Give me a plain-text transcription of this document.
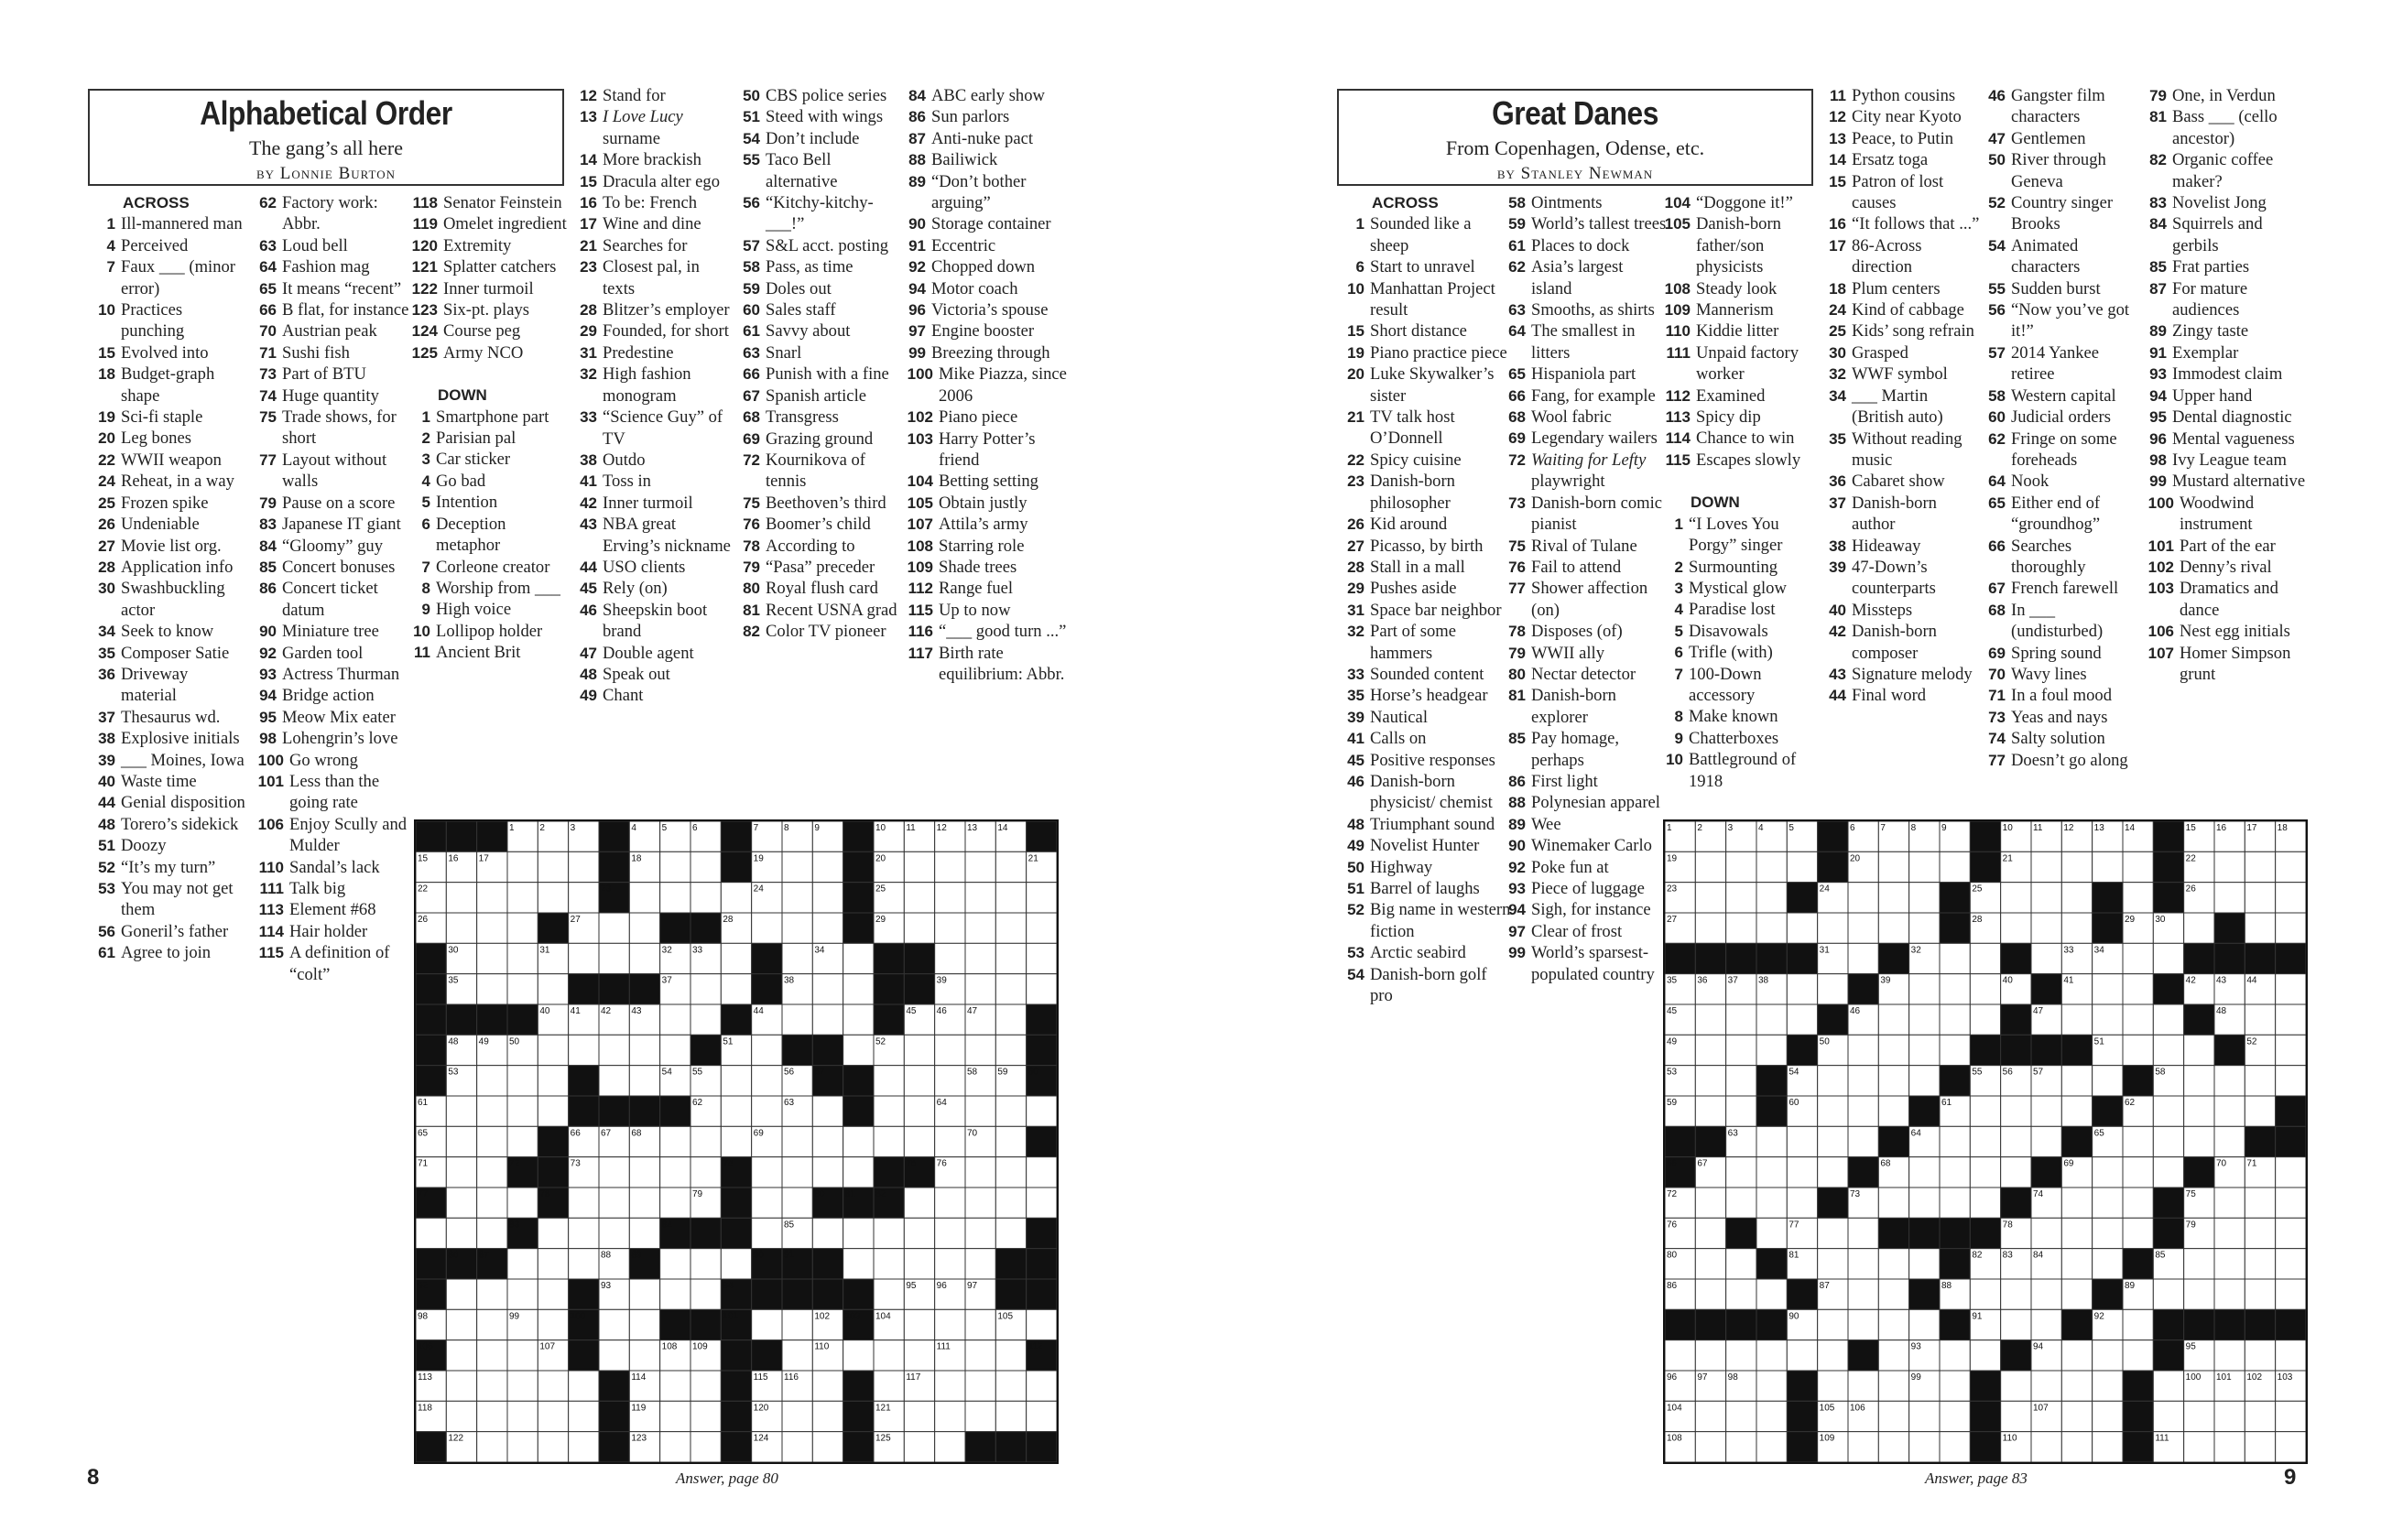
Alphabetical Order
The gang’s all here
by Lonnie Burton
ACROSS
1 Ill-mannered man
4 Perceived
7 Faux ___ (minor error)
10 Practices punching
15 Evolved into
18 Budget-graph shape
19 Sci-fi staple
20 Leg bones
22 WWII weapon
24 Reheat, in a way
25 Frozen spike
26 Undeniable
27 Movie list org.
28 Application info
30 Swashbuckling actor
34 Seek to know
35 Composer Satie
36 Driveway material
37 Thesaurus wd.
38 Explosive initials
39 ___ Moines, Iowa
40 Waste time
44 Genial disposition
48 Torero’s sidekick
51 Doozy
52 “It’s my turn”
53 You may not get them
56 Goneril’s father
61 Agree to join
62 Factory work: Abbr.
63 Loud bell
64 Fashion mag
65 It means “recent”
66 B flat, for instance
70 Austrian peak
71 Sushi fish
73 Part of BTU
74 Huge quantity
75 Trade shows, for short
77 Layout without walls
79 Pause on a score
83 Japanese IT giant
84 “Gloomy” guy
85 Concert bonuses
86 Concert ticket datum
90 Miniature tree
92 Garden tool
93 Actress Thurman
94 Bridge action
95 Meow Mix eater
98 Lohengrin’s love
100 Go wrong
101 Less than the going rate
106 Enjoy Scully and Mulder
110 Sandal’s lack
111 Talk big
113 Element #68
114 Hair holder
115 A definition of “colt”
118 Senator Feinstein
119 Omelet ingredient
120 Extremity
121 Splatter catchers
122 Inner turmoil
123 Six-pt. plays
124 Course peg
125 Army NCO
DOWN
1 Smartphone part
2 Parisian pal
3 Car sticker
4 Go bad
5 Intention
6 Deception metaphor
7 Corleone creator
8 Worship from ___
9 High voice
10 Lollipop holder
11 Ancient Brit
12 Stand for
13 I Love Lucy surname
14 More brackish
15 Dracula alter ego
16 To be: French
17 Wine and dine
21 Searches for
23 Closest pal, in texts
28 Blitzer’s employer
29 Founded, for short
31 Predestine
32 High fashion monogram
33 “Science Guy” of TV
38 Outdo
41 Toss in
42 Inner turmoil
43 NBA great Erving’s nickname
44 USO clients
45 Rely (on)
46 Sheepskin boot brand
47 Double agent
48 Speak out
49 Chant
50 CBS police series
51 Steed with wings
54 Don’t include
55 Taco Bell alternative
56 “Kitchy-kitchy-___!”
57 S&L acct. posting
58 Pass, as time
59 Doles out
60 Sales staff
61 Savvy about
63 Snarl
66 Punish with a fine
67 Spanish article
68 Transgress
69 Grazing ground
72 Kournikova of tennis
75 Beethoven’s third
76 Boomer’s child
78 According to
79 “Pasa” preceder
80 Royal flush card
81 Recent USNA grad
82 Color TV pioneer
84 ABC early show
86 Sun parlors
87 Anti-nuke pact
88 Bailiwick
89 “Don’t bother arguing”
90 Storage container
91 Eccentric
92 Chopped down
94 Motor coach
96 Victoria’s spouse
97 Engine booster
99 Breezing through
100 Mike Piazza, since 2006
102 Piano piece
103 Harry Potter’s friend
104 Betting setting
105 Obtain justly
107 Attila’s army
108 Starring role
109 Shade trees
112 Range fuel
115 Up to now
116 “___ good turn ...”
117 Birth rate equilibrium: Abbr.
1	2	3	4	5	6	7	8	9	10 11 12 13 14
15 16 17	18	19	20	21
22	23	24	25
26	27	28	29
30	31	32 33	34
35	37	38	39
40 41 42 43	44	45 46 47
48 49 50	51	52
53	54 55	56 57	58 59 60
61	62	63	64
65	66 67 68	69	70
71	72	73	74	75 76
77	78	79	80 81 82
83	84	85
86 87	88 89	90 91
92	93	94	95 96 97
98	99	100	101	102 103 104	105
106	107	108 109	110	111	112
113	114	115 116	117
118	119	120	121
122	123	124	125
8	Answer, page 80
Great Danes
From Copenhagen, Odense, etc.
by Stanley Newman
ACROSS
1 Sounded like a sheep
6 Start to unravel
10 Manhattan Project result
15 Short distance
19 Piano practice piece
20 Luke Skywalker’s sister
21 TV talk host O’Donnell
22 Spicy cuisine
23 Danish-born philosopher
26 Kid around
27 Picasso, by birth
28 Stall in a mall
29 Pushes aside
31 Space bar neighbor
32 Part of some hammers
33 Sounded content
35 Horse’s headgear
39 Nautical
41 Calls on
45 Positive responses
46 Danish-born physicist/ chemist
48 Triumphant sound
49 Novelist Hunter
50 Highway
51 Barrel of laughs
52 Big name in western fiction
53 Arctic seabird
54 Danish-born golf pro
58 Ointments
59 World’s tallest trees
61 Places to dock
62 Asia’s largest island
63 Smooths, as shirts
64 The smallest in litters
65 Hispaniola part
66 Fang, for example
68 Wool fabric
69 Legendary wailers
72 Waiting for Lefty playwright
73 Danish-born comic pianist
75 Rival of Tulane
76 Fail to attend
77 Shower affection (on)
78 Disposes (of)
79 WWII ally
80 Nectar detector
81 Danish-born explorer
85 Pay homage, perhaps
86 First light
88 Polynesian apparel
89 Wee
90 Winemaker Carlo
92 Poke fun at
93 Piece of luggage
94 Sigh, for instance
97 Clear of frost
99 World’s sparsest-populated country
104 “Doggone it!”
105 Danish-born father/son physicists
108 Steady look
109 Mannerism
110 Kiddie litter
111 Unpaid factory worker
112 Examined
113 Spicy dip
114 Chance to win
115 Escapes slowly
DOWN
1 “I Loves You Porgy” singer
2 Surmounting
3 Mystical glow
4 Paradise lost
5 Disavowals
6 Trifle (with)
7 100-Down accessory
8 Make known
9 Chatterboxes
10 Battleground of 1918
11 Python cousins
12 City near Kyoto
13 Peace, to Putin
14 Ersatz toga
15 Patron of lost causes
16 “It follows that ...”
17 86-Across direction
18 Plum centers
24 Kind of cabbage
25 Kids’ song refrain
30 Grasped
32 WWF symbol
34 ___ Martin (British auto)
35 Without reading music
36 Cabaret show
37 Danish-born author
38 Hideaway
39 47-Down’s counterparts
40 Missteps
42 Danish-born composer
43 Signature melody
44 Final word
46 Gangster film characters
47 Gentlemen
50 River through Geneva
52 Country singer Brooks
54 Animated characters
55 Sudden burst
56 “Now you’ve got it!”
57 2014 Yankee retiree
58 Western capital
60 Judicial orders
62 Fringe on some foreheads
64 Nook
65 Either end of “groundhog”
66 Searches thoroughly
67 French farewell
68 In ___ (undisturbed)
69 Spring sound
70 Wavy lines
71 In a foul mood
73 Yeas and nays
74 Salty solution
77 Doesn’t go along
79 One, in Verdun
81 Bass ___ (cello ancestor)
82 Organic coffee maker?
83 Novelist Jong
84 Squirrels and gerbils
85 Frat parties
87 For mature audiences
89 Zingy taste
91 Exemplar
93 Immodest claim
94 Upper hand
95 Dental diagnostic
96 Mental vagueness
98 Ivy League team
99 Mustard alternative
100 Woodwind instrument
101 Part of the ear
102 Denny’s rival
103 Dramatics and dance
106 Nest egg initials
107 Homer Simpson grunt
1	2	3	4	5	6	7	8	9	10 11 12 13 14	15 16 17 18
19	20	21	22
23	24	25	26
27	28	29 30
31	32	33 34
35 36 37 38	39	40	41	42 43 44
45	46	47	48
49	50	51	52
53	54	55 56 57	58
59	60	61	62
63	64	65
66 67	68	69	70 71
72	73	74	75
76	77	78	79
80	81	82 83 84	85
86	87	88	89
90	91	92
93	94	95
96 97 98	99	100 101 102 103
104	105 106	107
108	109	110	111
Answer, page 83	9
